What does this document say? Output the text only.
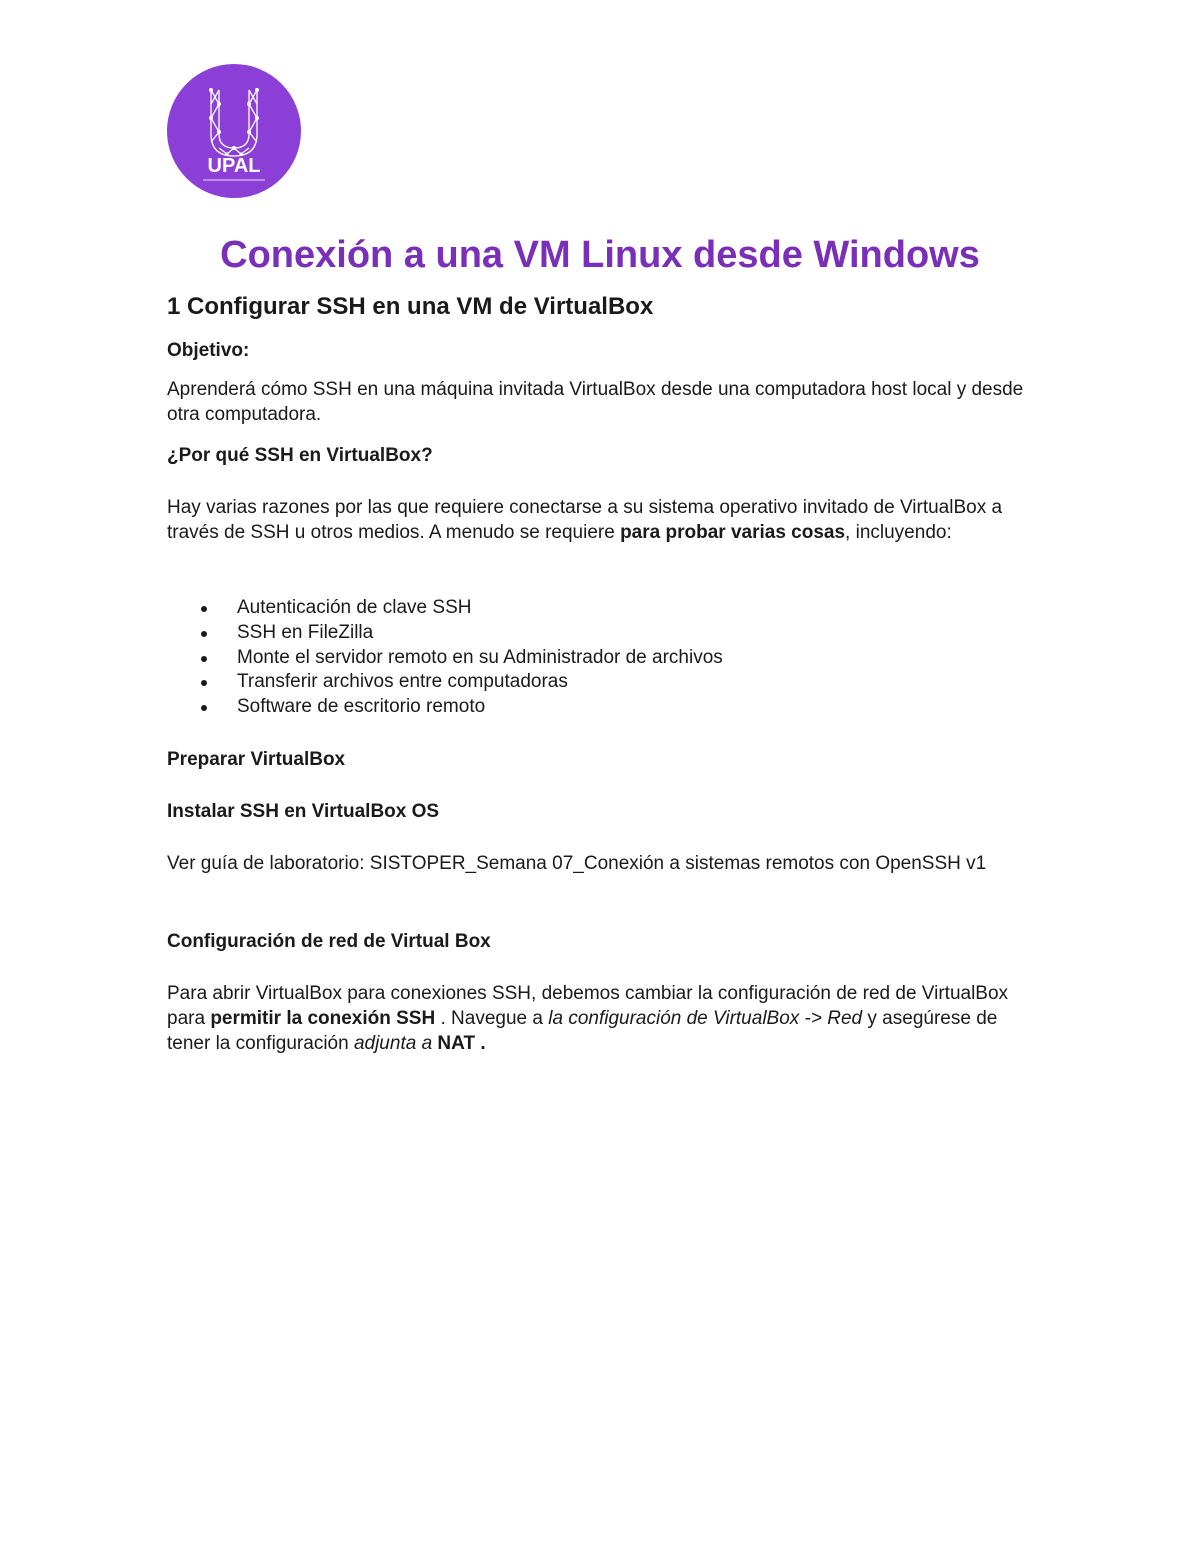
UPAL
Conexión a una VM Linux desde Windows
1 Configurar SSH en una VM de VirtualBox

Objetivo:

Aprenderá cómo SSH en una máquina invitada VirtualBox desde una computadora host local y desde otra computadora.

¿Por qué SSH en VirtualBox?

Hay varias razones por las que requiere conectarse a su sistema operativo invitado de VirtualBox a través de SSH u otros medios. A menudo se requiere para probar varias cosas, incluyendo:

Autenticación de clave SSH
SSH en FileZilla
Monte el servidor remoto en su Administrador de archivos
Transferir archivos entre computadoras
Software de escritorio remoto

Preparar VirtualBox

Instalar SSH en VirtualBox OS

Ver guía de laboratorio: SISTOPER_Semana 07_Conexión a sistemas remotos con OpenSSH v1

Configuración de red de Virtual Box

Para abrir VirtualBox para conexiones SSH, debemos cambiar la configuración de red de VirtualBox para permitir la conexión SSH . Navegue a la configuración de VirtualBox -> Red y asegúrese de tener la configuración adjunta a NAT .
